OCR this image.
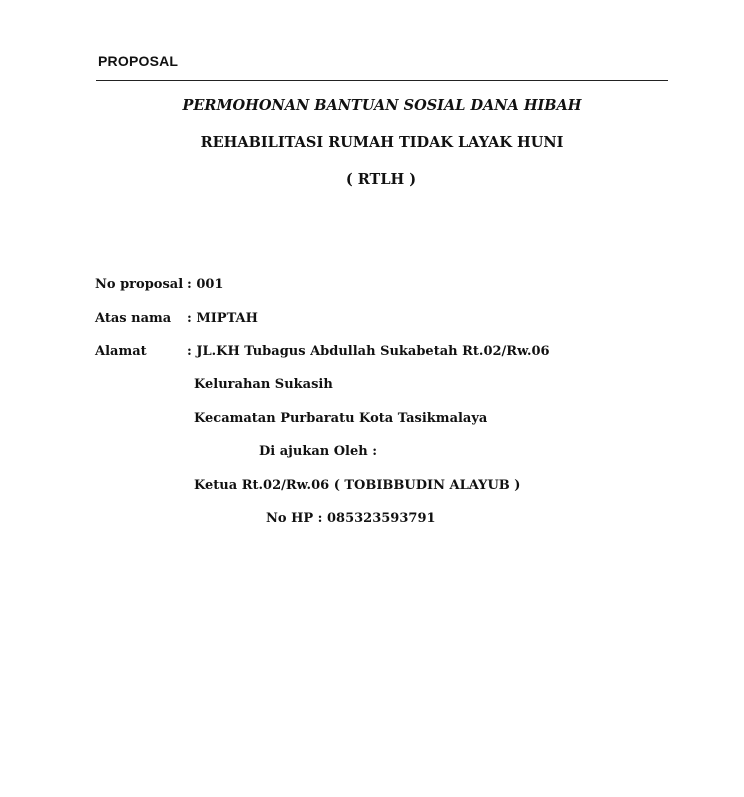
PROPOSAL
PERMOHONAN BANTUAN SOSIAL DANA HIBAH
REHABILITASI RUMAH TIDAK LAYAK HUNI
( RTLH )
No proposal : 001
Atas nama : MIPTAH
Alamat	: JL.KH Tubagus Abdullah Sukabetah Rt.02/Rw.06
Kelurahan Sukasih
Kecamatan Purbaratu Kota Tasikmalaya
Di ajukan Oleh :
Ketua Rt.02/Rw.06 ( TOBIBBUDIN ALAYUB )
No HP : 085323593791
